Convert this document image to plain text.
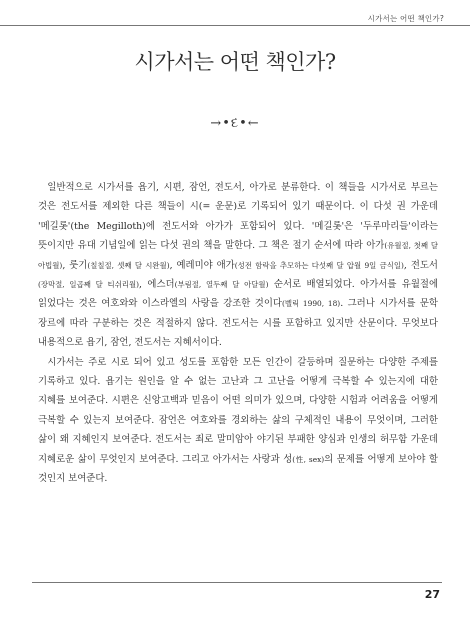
시가서는 어떤 책인가?
시가서는 어떤 책인가?
→•દ•←

일반적으로 시가서를 욥기, 시편, 잠언, 전도서, 아가로 분류한다. 이 책들을 시가서로 부르는 것은 전도서를 제외한 다른 책들이 시(= 운문)로 기록되어 있기 때문이다. 이 다섯 권 가운데 '메길롯'(the Megilloth)에 전도서와 아가가 포함되어 있다. '메길롯'은 '두루마리들'이라는 뜻이지만 유대 기념일에 읽는 다섯 권의 책을 말한다. 그 책은 절기 순서에 따라 아가(유월절, 첫째 달 아빕월), 룻기(칠칠절, 셋째 달 시완월), 예레미야 애가(성전 함락을 추모하는 다섯째 달 압월 9일 금식일), 전도서(장막절, 일곱째 달 티쉬리월), 에스더(부림절, 열두째 달 아달월) 순서로 배열되었다. 아가서를 유월절에 읽었다는 것은 여호와와 이스라엘의 사랑을 강조한 것이다(벨릭 1990, 18). 그러나 시가서를 문학 장르에 따라 구분하는 것은 적절하지 않다. 전도서는 시를 포함하고 있지만 산문이다. 무엇보다 내용적으로 욥기, 잠언, 전도서는 지혜서이다.

시가서는 주로 시로 되어 있고 성도를 포함한 모든 인간이 갈등하며 질문하는 다양한 주제를 기록하고 있다. 욥기는 원인을 알 수 없는 고난과 그 고난을 어떻게 극복할 수 있는지에 대한 지혜를 보여준다. 시편은 신앙고백과 믿음이 어떤 의미가 있으며, 다양한 시험과 어려움을 어떻게 극복할 수 있는지 보여준다. 잠언은 여호와를 경외하는 삶의 구체적인 내용이 무엇이며, 그러한 삶이 왜 지혜인지 보여준다. 전도서는 죄로 말미암아 야기된 부패한 양심과 인생의 허무함 가운데 지혜로운 삶이 무엇인지 보여준다. 그리고 아가서는 사랑과 성(性, sex)의 문제를 어떻게 보아야 할 것인지 보여준다.

27
